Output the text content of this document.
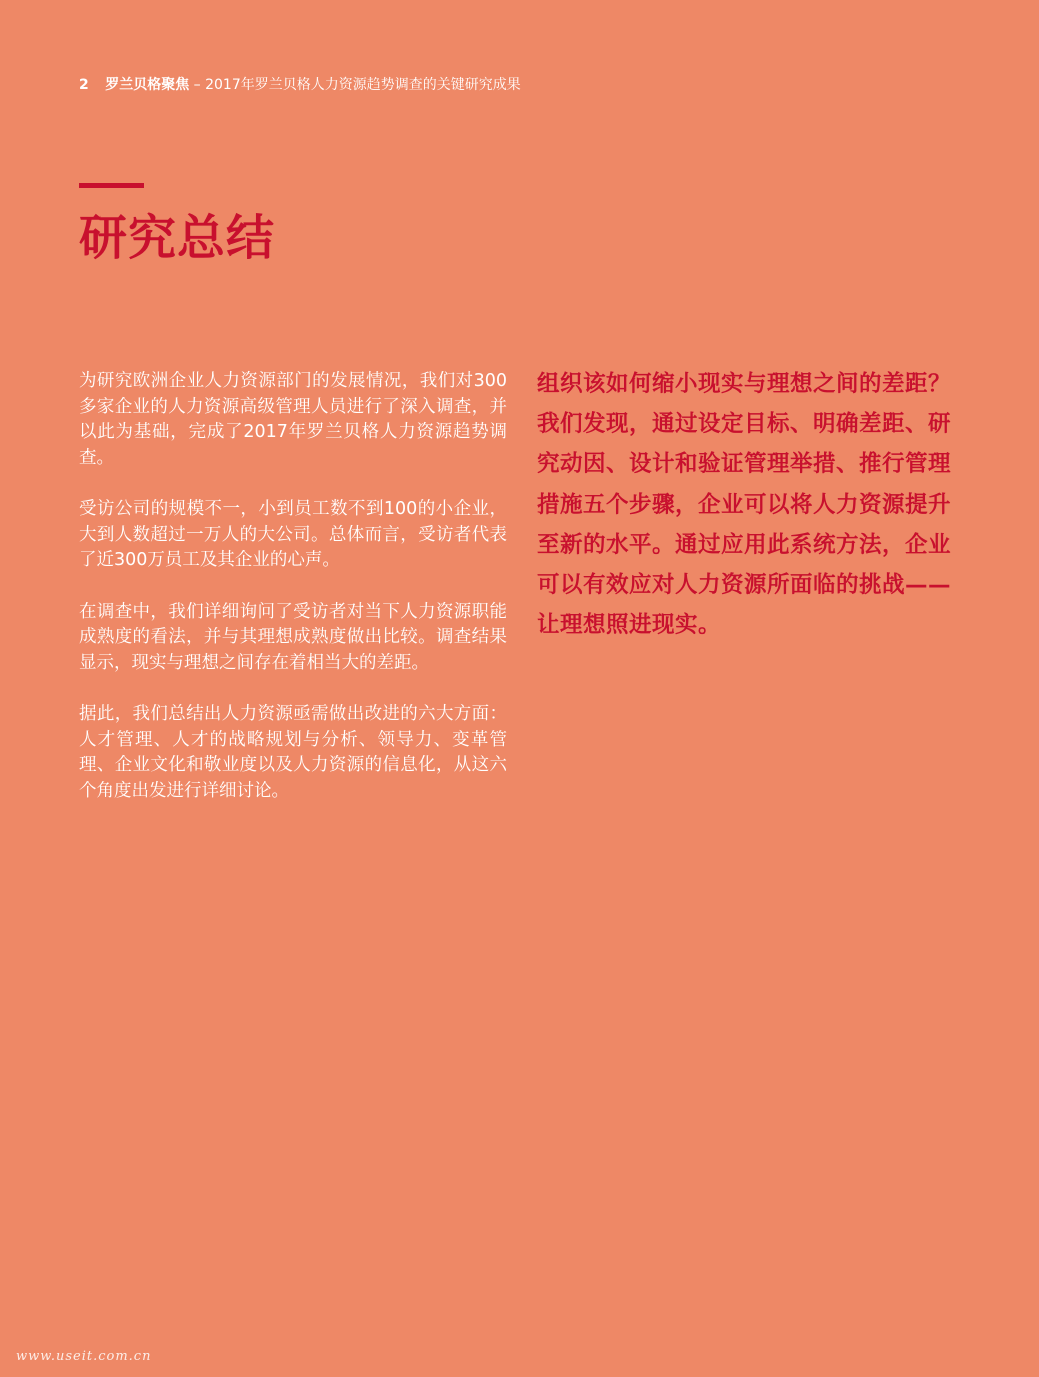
2 罗兰贝格聚焦 – 2017年罗兰贝格人力资源趋势调查的关键研究成果
研究总结

为研究欧洲企业人力资源部门的发展情况，我们对300多家企业的人力资源高级管理人员进行了深入调查，并以此为基础，完成了2017年罗兰贝格人力资源趋势调查。

受访公司的规模不一，小到员工数不到100的小企业，大到人数超过一万人的大公司。总体而言，受访者代表了近300万员工及其企业的心声。

在调查中，我们详细询问了受访者对当下人力资源职能成熟度的看法，并与其理想成熟度做出比较。调查结果显示，现实与理想之间存在着相当大的差距。

据此，我们总结出人力资源亟需做出改进的六大方面：人才管理、人才的战略规划与分析、领导力、变革管理、企业文化和敬业度以及人力资源的信息化，从这六个角度出发进行详细讨论。

组织该如何缩小现实与理想之间的差距？我们发现，通过设定目标、明确差距、研究动因、设计和验证管理举措、推行管理措施五个步骤，企业可以将人力资源提升至新的水平。通过应用此系统方法，企业可以有效应对人力资源所面临的挑战——让理想照进现实。

www.useit.com.cn
